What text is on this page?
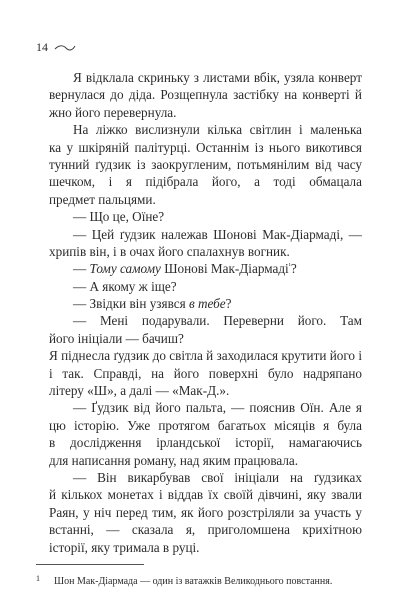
14
Я відклала скриньку з листами вбік, узяла конверт
вернулася до діда. Розщепнула застібку на конверті й
жно його перевернула.
На ліжко вислизнули кілька світлин і маленька
ка у шкіряній палітурці. Останнім із нього викотився
тунний ґудзик із заокругленим, потьмянілим від часу
шечком, і я підібрала його, а тоді обмацала
предмет пальцями.
— Що це, Оїне?
— Цей ґудзик належав Шонові Мак-Діармаді, —
хрипів він, і в очах його спалахнув вогник.
— Тому самому Шонові Мак-Діармаді$^{^1}$?
— А якому ж іще?
— Звідки він узявся в тебе?
— Мені подарували. Переверни його. Там
його ініціали — бачиш?
Я піднесла ґудзик до світла й заходилася крутити його і
і так. Справді, на його поверхні було надряпано
літеру «Ш», а далі — «Мак-Д.».
— Ґудзик від його пальта, — пояснив Оїн. Але я
цю історію. Уже протягом багатьох місяців я була
в дослідження ірландської історії, намагаючись
для написання роману, над яким працювала.
— Він викарбував свої ініціали на ґудзиках
й кількох монетах і віддав їх своїй дівчині, яку звали
Раян, у ніч перед тим, як його розстріляли за участь у
встанні, — сказала я, приголомшена крихітною
історії, яку тримала в руці.
1 Шон Мак-Діармада — один із ватажків Великоднього повстання.
